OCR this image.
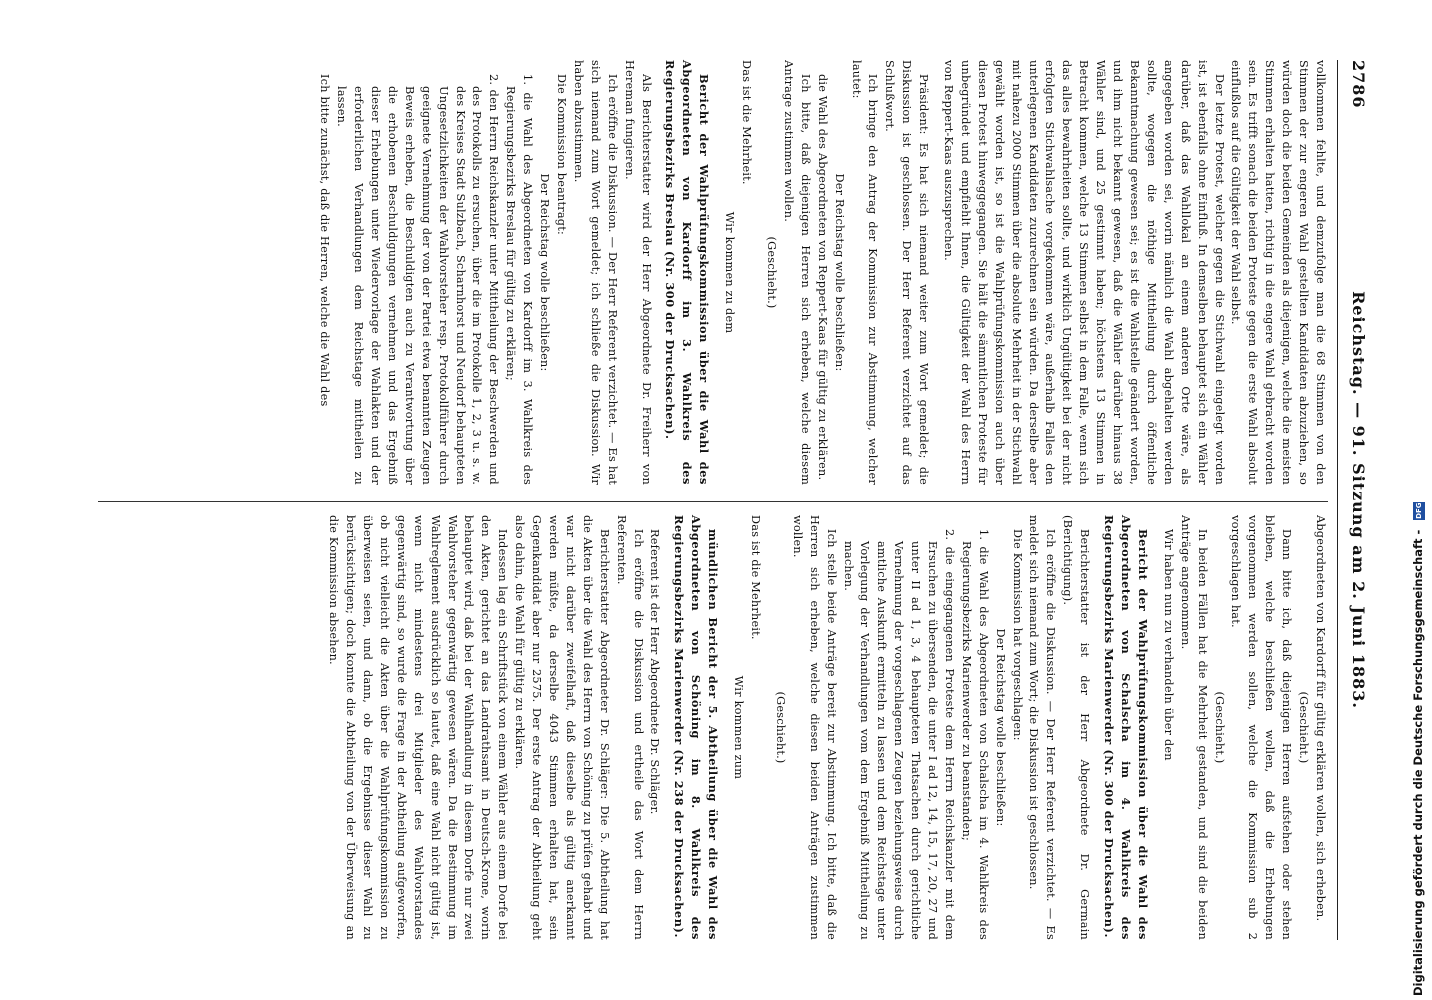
2786
Reichstag. — 91. Sitzung am 2. Juni 1883.

vollkommen fehlte, und demzufolge man die 68 Stimmen von den Stimmen der zur engeren Wahl gestellten Kandidaten abzuziehen, so würden doch die beiden Gemeinden als diejenigen, welche die meisten Stimmen erhalten hatten, richtig in die engere Wahl gebracht worden sein. Es trifft sonach die beiden Proteste gegen die erste Wahl absolut einflußlos auf die Gültigkeit der Wahl selbst.

Der letzte Protest, welcher gegen die Stichwahl eingelegt worden ist, ist ebenfalls ohne Einfluß. In demselben behauptet sich ein Wähler darüber, daß das Wahllokal an einem anderen Orte wäre, als angegeben worden sei, worin nämlich die Wahl abgehalten werden sollte, wogegen die nöthige Mittheilung durch öffentliche Bekanntmachung gewesen sei; es ist die Wahlstelle geändert worden, und ihm nicht bekannt gewesen, daß die Wähler darüber hinaus 38 Wähler sind, und 25 gestimmt haben; höchstens 13 Stimmen in Betracht kommen, welche 13 Stimmen selbst in dem Falle, wenn sich das alles bewahrheiten sollte, und wirklich Ungültigkeit bei der nicht erfolgten Stichwahlsache vorgekommen wäre, außerhalb Falles den unterlegenen Kandidaten zuzurechnen sein würden. Da derselbe aber mit nahezu 2000 Stimmen über die absolute Mehrheit in der Stichwahl gewählt worden ist, so ist die Wahlprüfungskommission auch über diesen Protest hinweggegangen. Sie hält die sämmtlichen Proteste für unbegründet und empfiehlt Ihnen, die Gültigkeit der Wahl des Herrn von Reppert-Kaas auszusprechen.

Präsident: Es hat sich niemand weiter zum Wort gemeldet; die Diskussion ist geschlossen. Der Herr Referent verzichtet auf das Schlußwort.

Ich bringe den Antrag der Kommission zur Abstimmung, welcher lautet:

Der Reichstag wolle beschließen:

die Wahl des Abgeordneten von Reppert-Kaas für gültig zu erklären.

Ich bitte, daß diejenigen Herren sich erheben, welche diesem Antrage zustimmen wollen.

(Geschieht.)

Das ist die Mehrheit.

Wir kommen zu dem

Bericht der Wahlprüfungskommission über die Wahl des Abgeordneten von Kardorff im 3. Wahlkreis des Regierungsbezirks Breslau (Nr. 300 der Drucksachen).

Als Berichterstatter wird der Herr Abgeordnete Dr. Freiherr von Hereman fungieren.

Ich eröffne die Diskussion. — Der Herr Referent verzichtet. — Es hat sich niemand zum Wort gemeldet; ich schließe die Diskussion. Wir haben abzustimmen.

Die Kommission beantragt:

Der Reichstag wolle beschließen:

1. die Wahl des Abgeordneten von Kardorff im 3. Wahlkreis des Regierungsbezirks Breslau für gültig zu erklären;

2. den Herrn Reichskanzler unter Mittheilung der Beschwerden und des Protokolls zu ersuchen, über die im Protokolle 1, 2, 3 u. s. w. des Kreises Stadt Sulzbach, Scharnhorst und Neudorf behaupteten Ungesetzlichkeiten der Wahlvorsteher resp. Protokollführer durch geeignete Vernehmung der von der Partei etwa benannten Zeugen Beweis erheben, die Beschuldigten auch zu Verantwortung über die erhobenen Beschuldigungen vernehmen und das Ergebniß dieser Erhebungen unter Wiedervorlage der Wahlakten und der erforderlichen Verhandlungen dem Reichstage mittheilen zu lassen.

Ich bitte zunächst, daß die Herren, welche die Wahl des

Abgeordneten von Kardorff für gültig erklären wollen, sich erheben.

(Geschieht.)

Dann bitte ich, daß diejenigen Herren aufstehen oder stehen bleiben, welche beschließen wollen, daß die Erhebungen vorgenommen werden sollen, welche die Kommission sub 2 vorgeschlagen hat.

(Geschieht.)

In beiden Fällen hat die Mehrheit gestanden, und sind die beiden Anträge angenommen.

Wir haben nun zu verhandeln über den

Bericht der Wahlprüfungskommission über die Wahl des Abgeordneten von Schalscha im 4. Wahlkreis des Regierungsbezirks Marienwerder (Nr. 300 der Drucksachen).

Berichterstatter ist der Herr Abgeordnete Dr. Germain (Berichtigung).

Ich eröffne die Diskussion. — Der Herr Referent verzichtet. — Es meldet sich niemand zum Wort; die Diskussion ist geschlossen.

Die Kommission hat vorgeschlagen:

Der Reichstag wolle beschließen:

1. die Wahl des Abgeordneten von Schalscha im 4. Wahlkreis des Regierungsbezirks Marienwerder zu beanstanden;

2. die eingegangenen Proteste dem Herrn Reichskanzler mit dem Ersuchen zu übersenden, die unter I ad 12, 14, 15, 17, 20, 27 und unter II ad 1, 3, 4 behaupteten Thatsachen durch gerichtliche Vernehmung der vorgeschlagenen Zeugen beziehungsweise durch amtliche Auskunft ermitteln zu lassen und dem Reichstage unter Vorlegung der Verhandlungen vom dem Ergebniß Mittheilung zu machen.

Ich stelle beide Anträge bereit zur Abstimmung. Ich bitte, daß die Herren sich erheben, welche diesen beiden Anträgen zustimmen wollen.

(Geschieht.)

Das ist die Mehrheit.

Wir kommen zum

mündlichen Bericht der 5. Abtheilung über die Wahl des Abgeordneten von Schöning im 8. Wahlkreis des Regierungsbezirks Marienwerder (Nr. 238 der Drucksachen).

Referent ist der Herr Abgeordnete Dr. Schläger.

Ich eröffne die Diskussion und ertheile das Wort dem Herrn Referenten.

Berichterstatter Abgeordneter Dr. Schläger: Die 5. Abtheilung hat die Akten über die Wahl des Herrn von Schöning zu prüfen gehabt und war nicht darüber zweifelhaft, daß dieselbe als gültig anerkannt werden müßte, da derselbe 4043 Stimmen erhalten hat, sein Gegenkandidat aber nur 2575. Der erste Antrag der Abtheilung geht also dahin, die Wahl für gültig zu erklären.

Indessen lag ein Schriftstück von einem Wähler aus einem Dorfe bei den Akten, gerichtet an das Landrathsamt in Deutsch-Krone, worin behauptet wird, daß bei der Wahlhandlung in diesem Dorfe nur zwei Wahlvorsteher gegenwärtig gewesen wären. Da die Bestimmung im Wahlreglement ausdrücklich so lautet, daß eine Wahl nicht gültig ist, wenn nicht mindestens drei Mitglieder des Wahlvorstandes gegenwärtig sind, so wurde die Frage in der Abtheilung aufgeworfen, ob nicht vielleicht die Akten über die Wahlprüfungskommission zu überweisen seien, und dann, ob die Ergebnisse dieser Wahl zu berücksichtigen; doch konnte die Abtheilung von der Überweisung an die Kommission absehen.	Digitalisierung gefördert durch die Deutsche Forschungsgemeinschaft - DFG
